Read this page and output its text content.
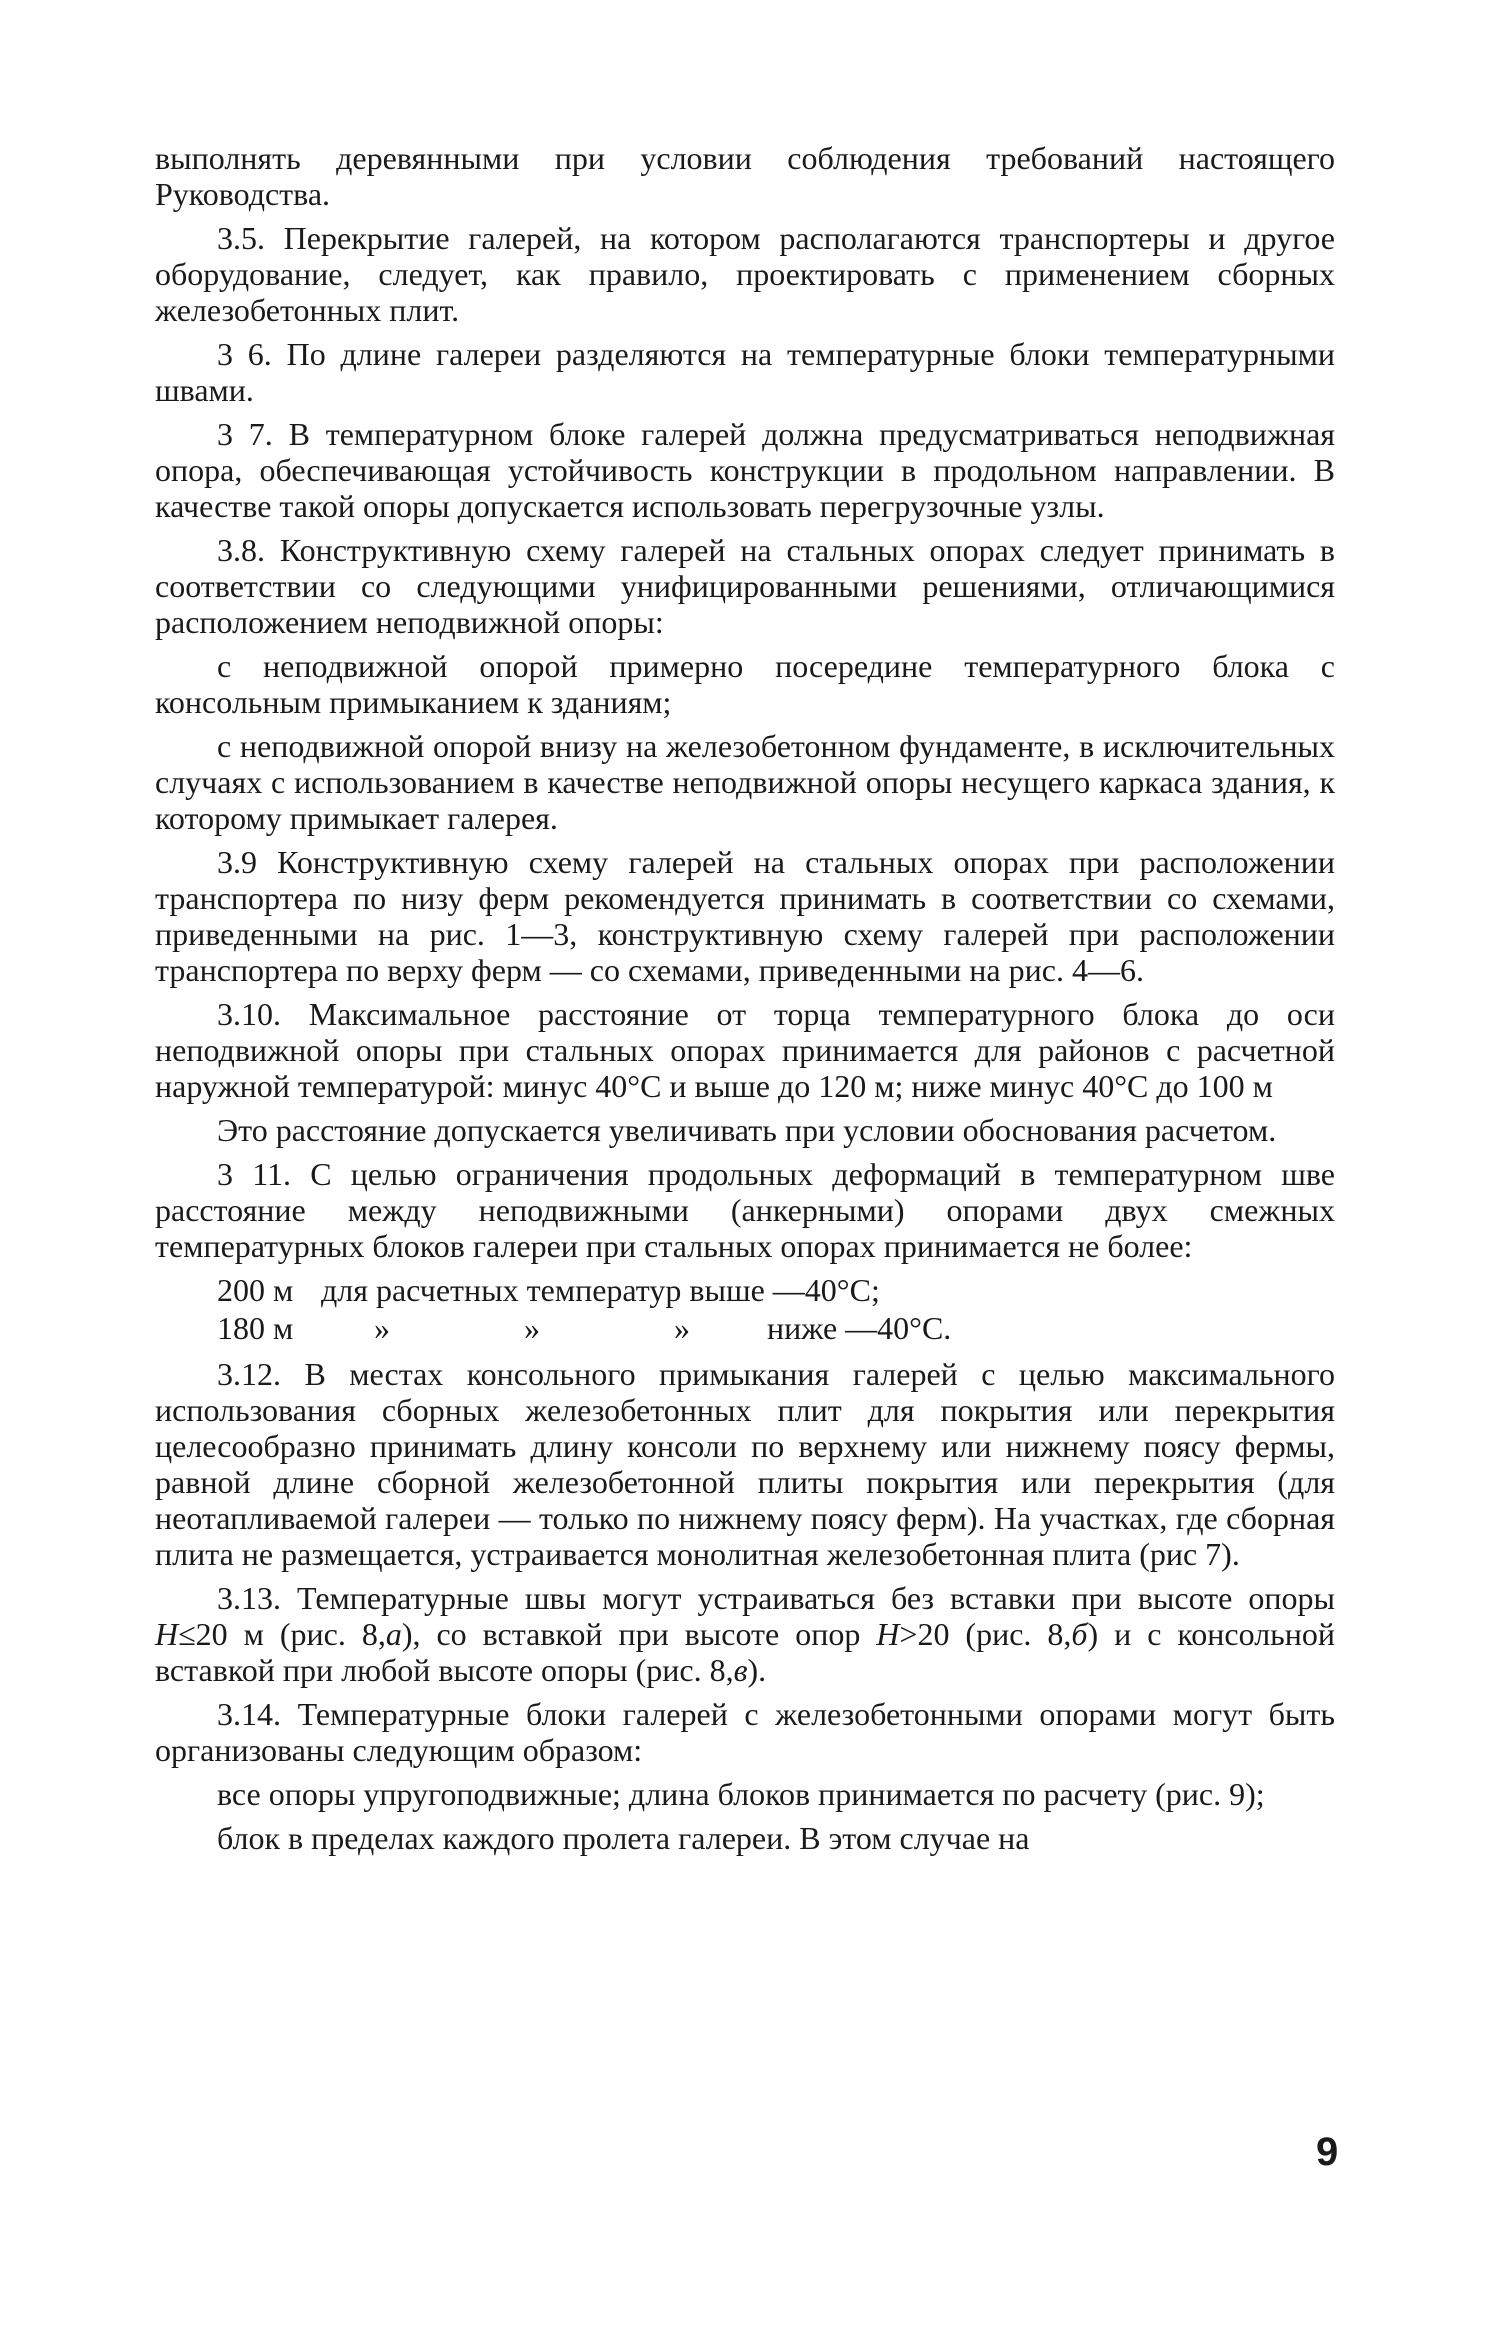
выполнять деревянными при условии соблюдения требований настоящего Руководства.

3.5. Перекрытие галерей, на котором располагаются транспортеры и другое оборудование, следует, как правило, проектировать с применением сборных железобетонных плит.

3 6. По длине галереи разделяются на температурные блоки температурными швами.

3 7. В температурном блоке галерей должна предусматриваться неподвижная опора, обеспечивающая устойчивость конструкции в продольном направлении. В качестве такой опоры допускается использовать перегрузочные узлы.

3.8. Конструктивную схему галерей на стальных опорах следует принимать в соответствии со следующими унифицированными решениями, отличающимися расположением неподвижной опоры:

с неподвижной опорой примерно посередине температурного блока с консольным примыканием к зданиям;

с неподвижной опорой внизу на железобетонном фундаменте, в исключительных случаях с использованием в качестве неподвижной опоры несущего каркаса здания, к которому примыкает галерея.

3.9 Конструктивную схему галерей на стальных опорах при расположении транспортера по низу ферм рекомендуется принимать в соответствии со схемами, приведенными на рис. 1—3, конструктивную схему галерей при расположении транспортера по верху ферм — со схемами, приведенными на рис. 4—6.

3.10. Максимальное расстояние от торца температурного блока до оси неподвижной опоры при стальных опорах принимается для районов с расчетной наружной температурой: минус 40°С и выше до 120 м; ниже минус 40°С до 100 м

Это расстояние допускается увеличивать при условии обоснования расчетом.

3 11. С целью ограничения продольных деформаций в температурном шве расстояние между неподвижными (анкерными) опорами двух смежных температурных блоков галереи при стальных опорах принимается не более:

200 м для расчетных температур выше —40°С;
180 м	»	»	»	ниже —40°С.

3.12. В местах консольного примыкания галерей с целью максимального использования сборных железобетонных плит для покрытия или перекрытия целесообразно принимать длину консоли по верхнему или нижнему поясу фермы, равной длине сборной железобетонной плиты покрытия или перекрытия (для неотапливаемой галереи — только по нижнему поясу ферм). На участках, где сборная плита не размещается, устраивается монолитная железобетонная плита (рис 7).

3.13. Температурные швы могут устраиваться без вставки при высоте опоры H≤20 м (рис. 8,а), со вставкой при высоте опор H>20 (рис. 8,б) и с консольной вставкой при любой высоте опоры (рис. 8,в).

3.14. Температурные блоки галерей с железобетонными опорами могут быть организованы следующим образом:

все опоры упругоподвижные; длина блоков принимается по расчету (рис. 9);

блок в пределах каждого пролета галереи. В этом случае на

9
